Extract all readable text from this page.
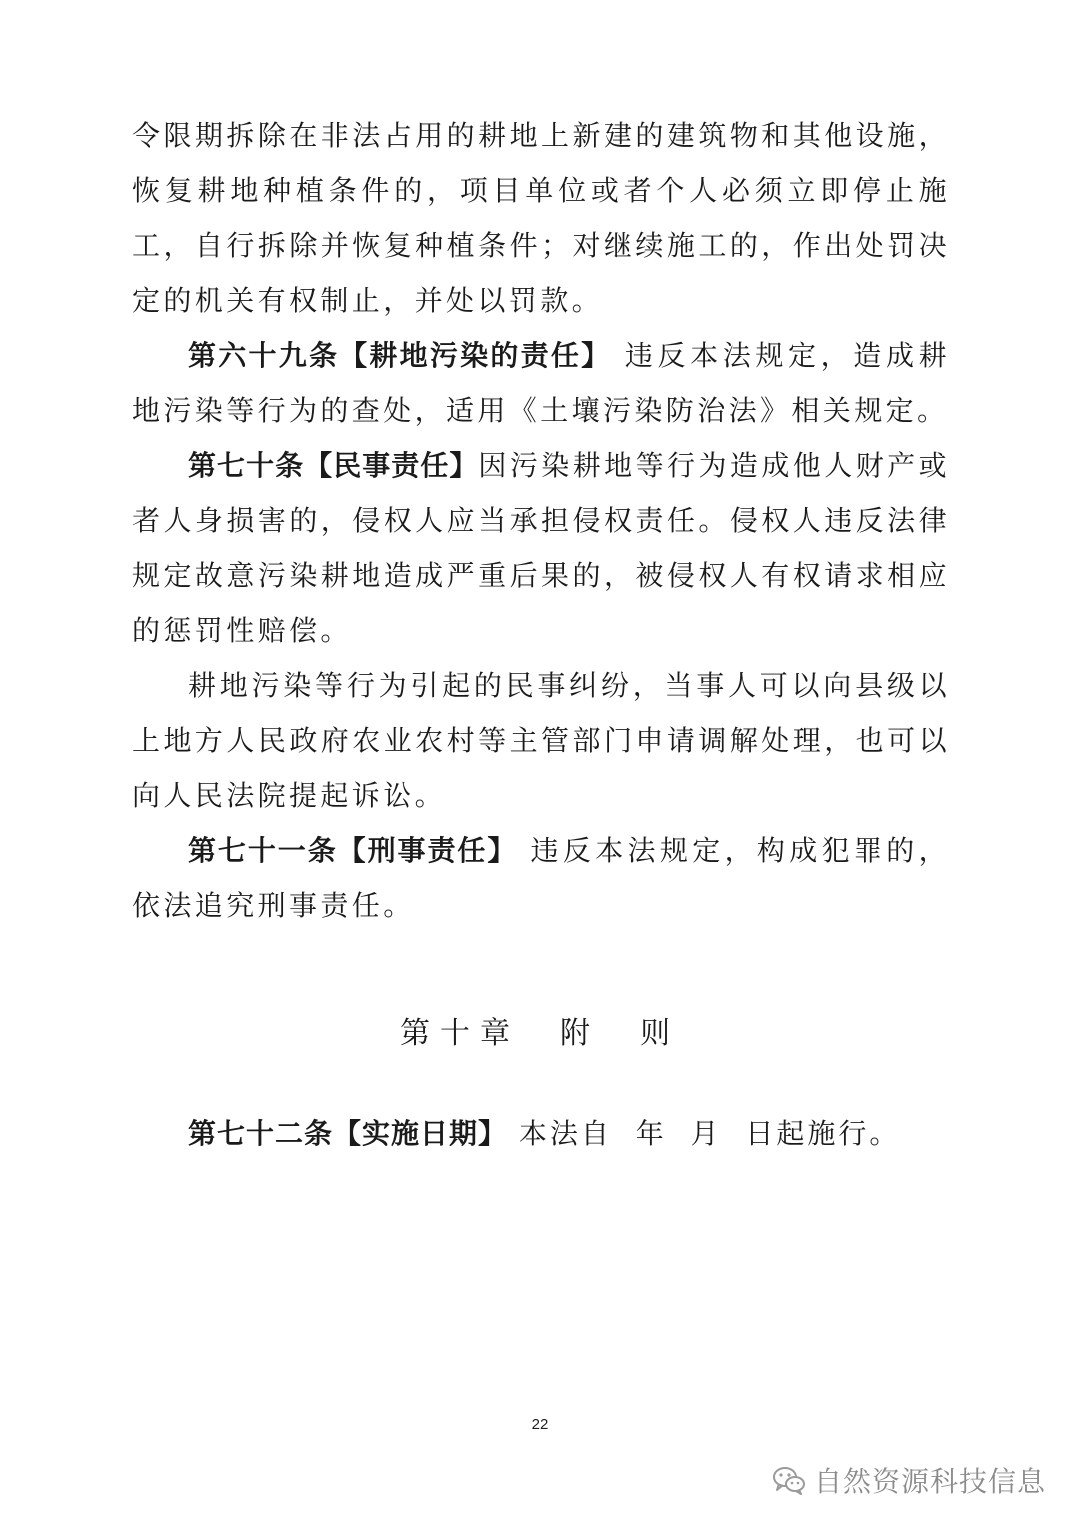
令限期拆除在非法占用的耕地上新建的建筑物和其他设施，恢复耕地种植条件的，项目单位或者个人必须立即停止施工，自行拆除并恢复种植条件；对继续施工的，作出处罚决定的机关有权制止，并处以罚款。

第六十九条【耕地污染的责任】 违反本法规定，造成耕地污染等行为的查处，适用《土壤污染防治法》相关规定。

第七十条【民事责任】因污染耕地等行为造成他人财产或者人身损害的，侵权人应当承担侵权责任。侵权人违反法律规定故意污染耕地造成严重后果的，被侵权人有权请求相应的惩罚性赔偿。

耕地污染等行为引起的民事纠纷，当事人可以向县级以上地方人民政府农业农村等主管部门申请调解处理，也可以向人民法院提起诉讼。

第七十一条【刑事责任】 违反本法规定，构成犯罪的，依法追究刑事责任。

第十章　附　则

第七十二条【实施日期】 本法自  年  月  日起施行。

22
自然资源科技信息
